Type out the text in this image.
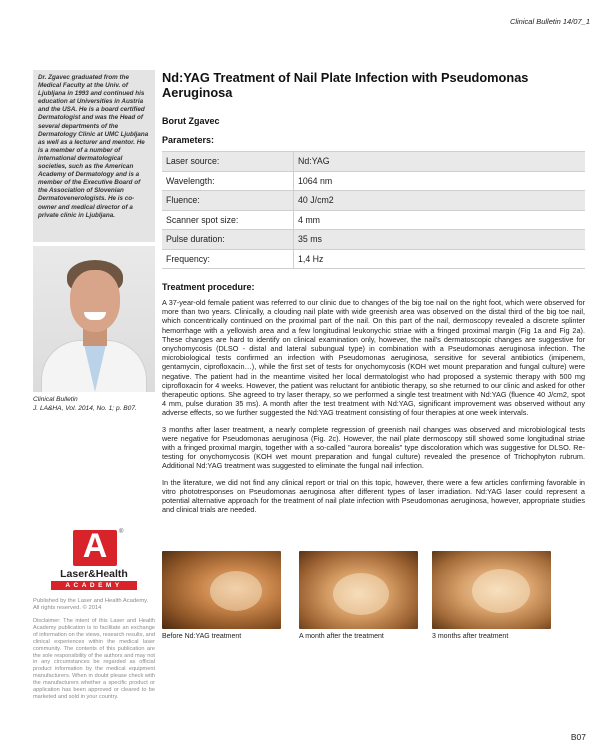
Clinical Bulletin 14/07_1
Dr. Zgavec graduated from the Medical Faculty at the Univ. of Ljubljana in 1993 and continued his education at Universities in Austria and the USA. He is a board certified Dermatologist and was the Head of several departments of the Dermatology Clinic at UMC Ljubljana as well as a lecturer and mentor. He is a member of a number of international dermatological societies, such as the American Academy of Dermatology and is a member of the Executive Board of the Association of Slovenian Dermatovenerologists. He is co-owner and medical director of a private clinic in Ljubljana.
Clinical Bulletin
J. LA&HA, Vol. 2014, No. 1; p. B07.
A	®
Laser&Health
ACADEMY
Published by the Laser and Health Academy. All rights reserved. © 2014
Disclaimer: The intent of this Laser and Health Academy publication is to facilitate an exchange of information on the views, research results, and clinical experiences within the medical laser community. The contents of this publication are the sole responsibility of the authors and may not in any circumstances be regarded as official product information by the medical equipment manufacturers. When in doubt please check with the manufacturers whether a specific product or application has been approved or cleared to be marketed and sold in your country.
Nd:YAG Treatment of Nail Plate Infection with Pseudomonas Aeruginosa
Borut Zgavec
Parameters:
Laser source:	Nd:YAG
Wavelength:	1064 nm
Fluence:	40 J/cm2
Scanner spot size:	4 mm
Pulse duration:	35 ms
Frequency:	1,4 Hz
Treatment procedure:

A 37-year-old female patient was referred to our clinic due to changes of the big toe nail on the right foot, which were observed for more than two years. Clinically, a clouding nail plate with wide greenish area was observed on the distal third of the big toe nail, which concentrically continued on the proximal part of the nail. On this part of the nail, dermoscopy revealed a discrete splinter hemorrhage with a yellowish area and a few longitudinal leukonychic striae with a fringed proximal margin (Fig 1a and Fig 2a). These changes are hard to identify on clinical examination only, however, the nail's dermatoscopic changes are suggestive for onychomycosis (DLSO - distal and lateral subungual type) in combination with a Pseudomonas aeruginosa infection. The microbiological tests confirmed an infection with Pseudomonas aeruginosa, sensitive for several antibiotics (imipenem, gentamycin, ciprofloxacin…), while the first set of tests for onychomycosis (KOH wet mount preparation and fungal culture) were negative. The patient had in the meantime visited her local dermatologist who had proposed a systemic therapy with 500 mg ciprofloxacin for 4 weeks. However, the patient was reluctant for antibiotic therapy, so she returned to our clinic and asked for other therapeutic options. She agreed to try laser therapy, so we performed a single test treatment with Nd:YAG (fluence 40 J/cm2, spot 4 mm, pulse duration 35 ms). A month after the test treatment with Nd:YAG, significant improvement was observed without any adverse effects, so we further suggested the Nd:YAG treatment consisting of four therapies at one week intervals.

3 months after laser treatment, a nearly complete regression of greenish nail changes was observed and microbiological tests were negative for Pseudomonas aeruginosa (Fig. 2c). However, the nail plate dermoscopy still showed some longitudinal striae with a fringed proximal margin, together with a so-called "aurora borealis" type discoloration which was suggestive for DLSO. Re-testing for onychomycosis (KOH wet mount preparation and fungal culture) revealed the presence of Trichophyton rubrum. Additional Nd:YAG treatment was suggested to eliminate the fungal nail infection.

In the literature, we did not find any clinical report or trial on this topic, however, there were a few articles confirming favorable in vitro phototresponses on Pseudomonas aeruginosa after different types of laser irradiation. Nd:YAG laser could represent a potential alternative approach for the treatment of nail plate infection with Pseudomonas aeruginosa, however, appropriate studies and clinical trials are needed.

Before Nd:YAG treatment	A month after the treatment	3 months after treatment
B07
